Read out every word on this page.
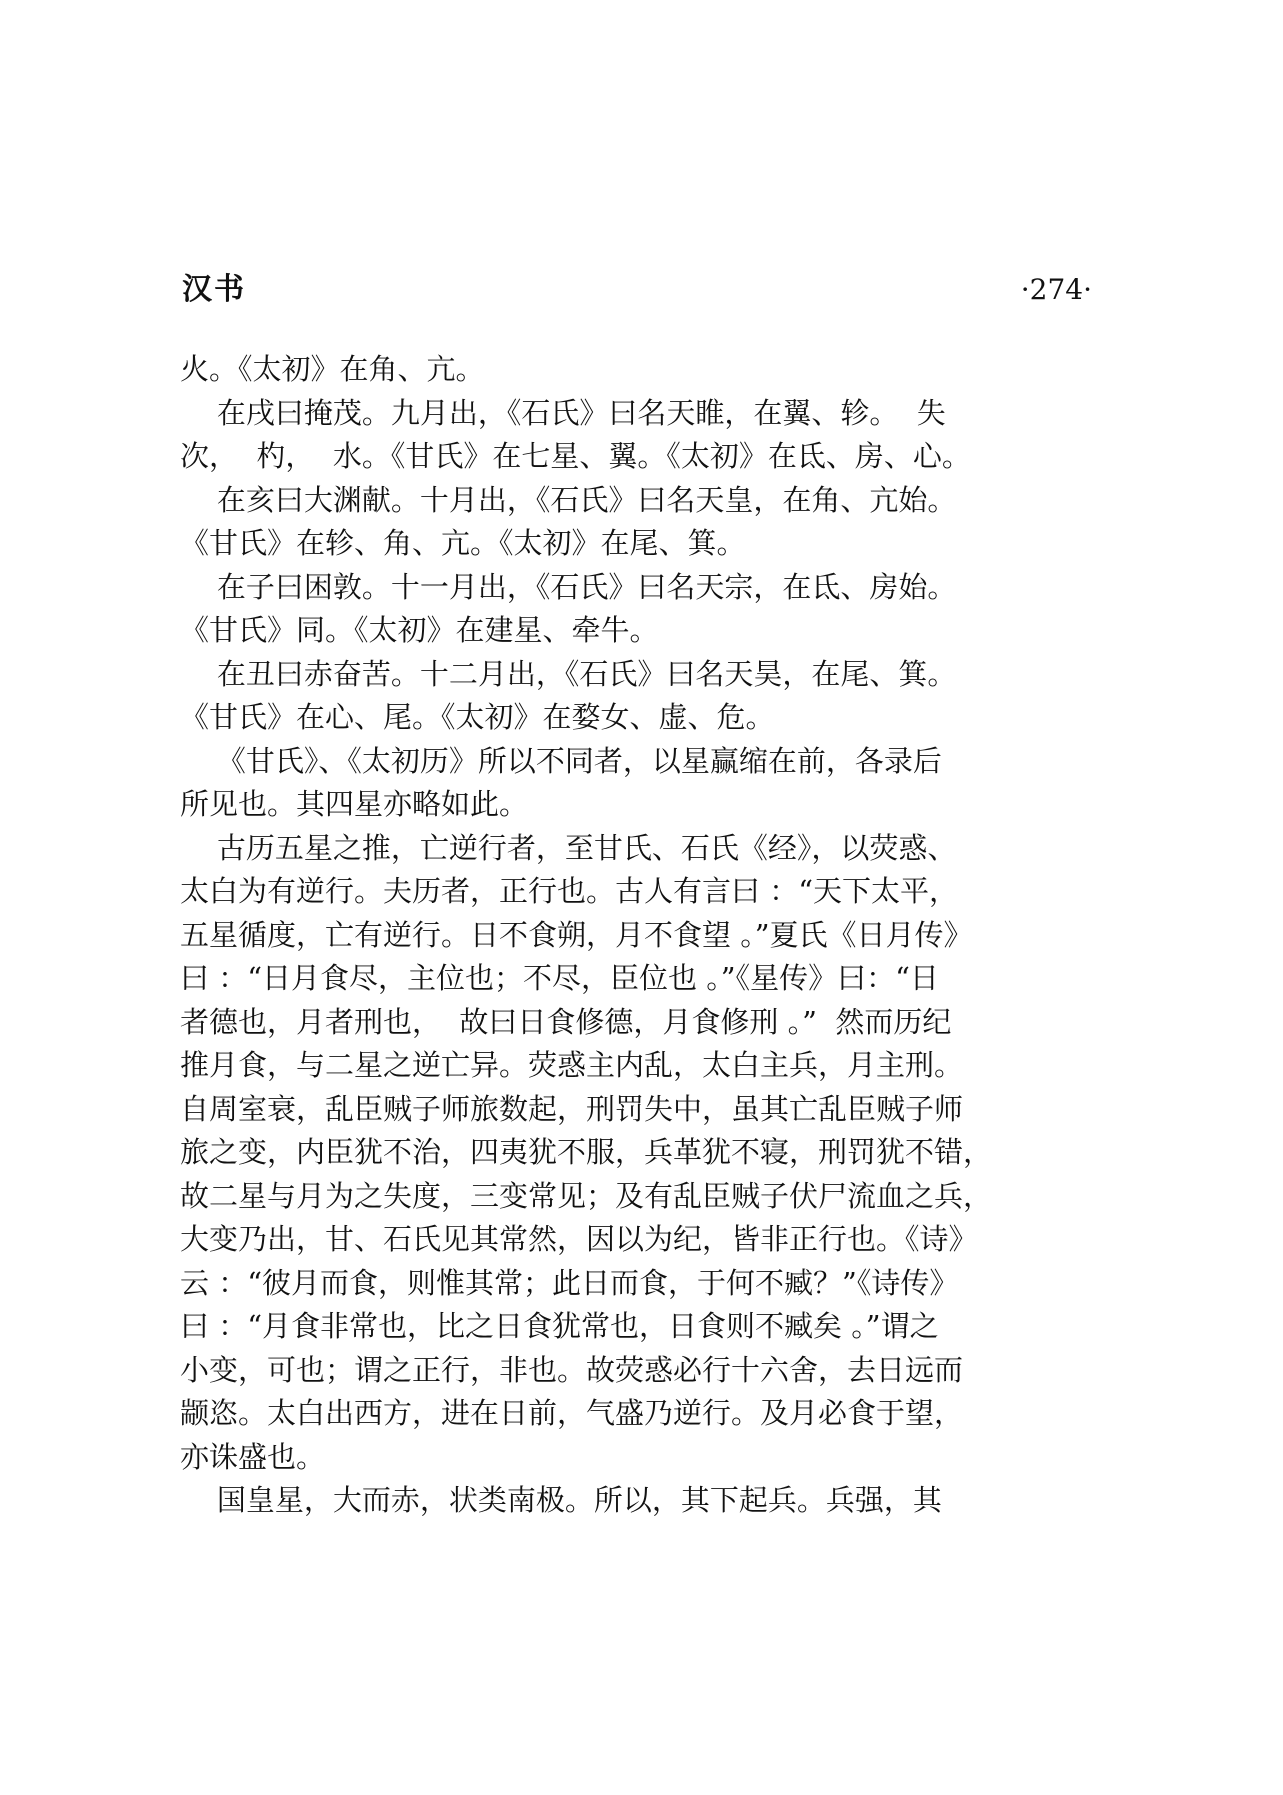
汉书	·274·
火。《太初》在角、亢。
在戌曰掩茂。九月出，《石氏》曰名天睢，在翼、轸。  失
次，  杓，  水。《甘氏》在七星、翼。《太初》在氐、房、心。
在亥曰大渊献。十月出，《石氏》曰名天皇，在角、亢始。
《甘氏》在轸、角、亢。《太初》在尾、箕。
在子曰困敦。十一月出，《石氏》曰名天宗，在氐、房始。
《甘氏》同。《太初》在建星、牵牛。
在丑曰赤奋苦。十二月出，《石氏》曰名天昊，在尾、箕。
《甘氏》在心、尾。《太初》在婺女、虚、危。
《甘氏》、《太初历》所以不同者，以星赢缩在前，各录后
所见也。其四星亦略如此。
古历五星之推，亡逆行者，至甘氏、石氏《经》，以荧惑、
太白为有逆行。夫历者，正行也。古人有言曰 ：“天下太平，
五星循度，亡有逆行。日不食朔，月不食望 。”夏氏《日月传》
曰 ：“日月食尽，主位也；不尽，臣位也 。”《星传》曰：“日
者德也，月者刑也，  故曰日食修德，月食修刑 。”  然而历纪
推月食，与二星之逆亡异。荧惑主内乱，太白主兵，月主刑。
自周室衰，乱臣贼子师旅数起，刑罚失中，虽其亡乱臣贼子师
旅之变，内臣犹不治，四夷犹不服，兵革犹不寝，刑罚犹不错，
故二星与月为之失度，三变常见；及有乱臣贼子伏尸流血之兵，
大变乃出，甘、石氏见其常然，因以为纪，皆非正行也。《诗》
云 ：“彼月而食，则惟其常；此日而食，于何不臧？”《诗传》
曰 ：“月食非常也，比之日食犹常也，日食则不臧矣 。”谓之
小变，可也；谓之正行，非也。故荧惑必行十六舍，去日远而
颛恣。太白出西方，进在日前，气盛乃逆行。及月必食于望，
亦诛盛也。
国皇星，大而赤，状类南极。所以，其下起兵。兵强，其
